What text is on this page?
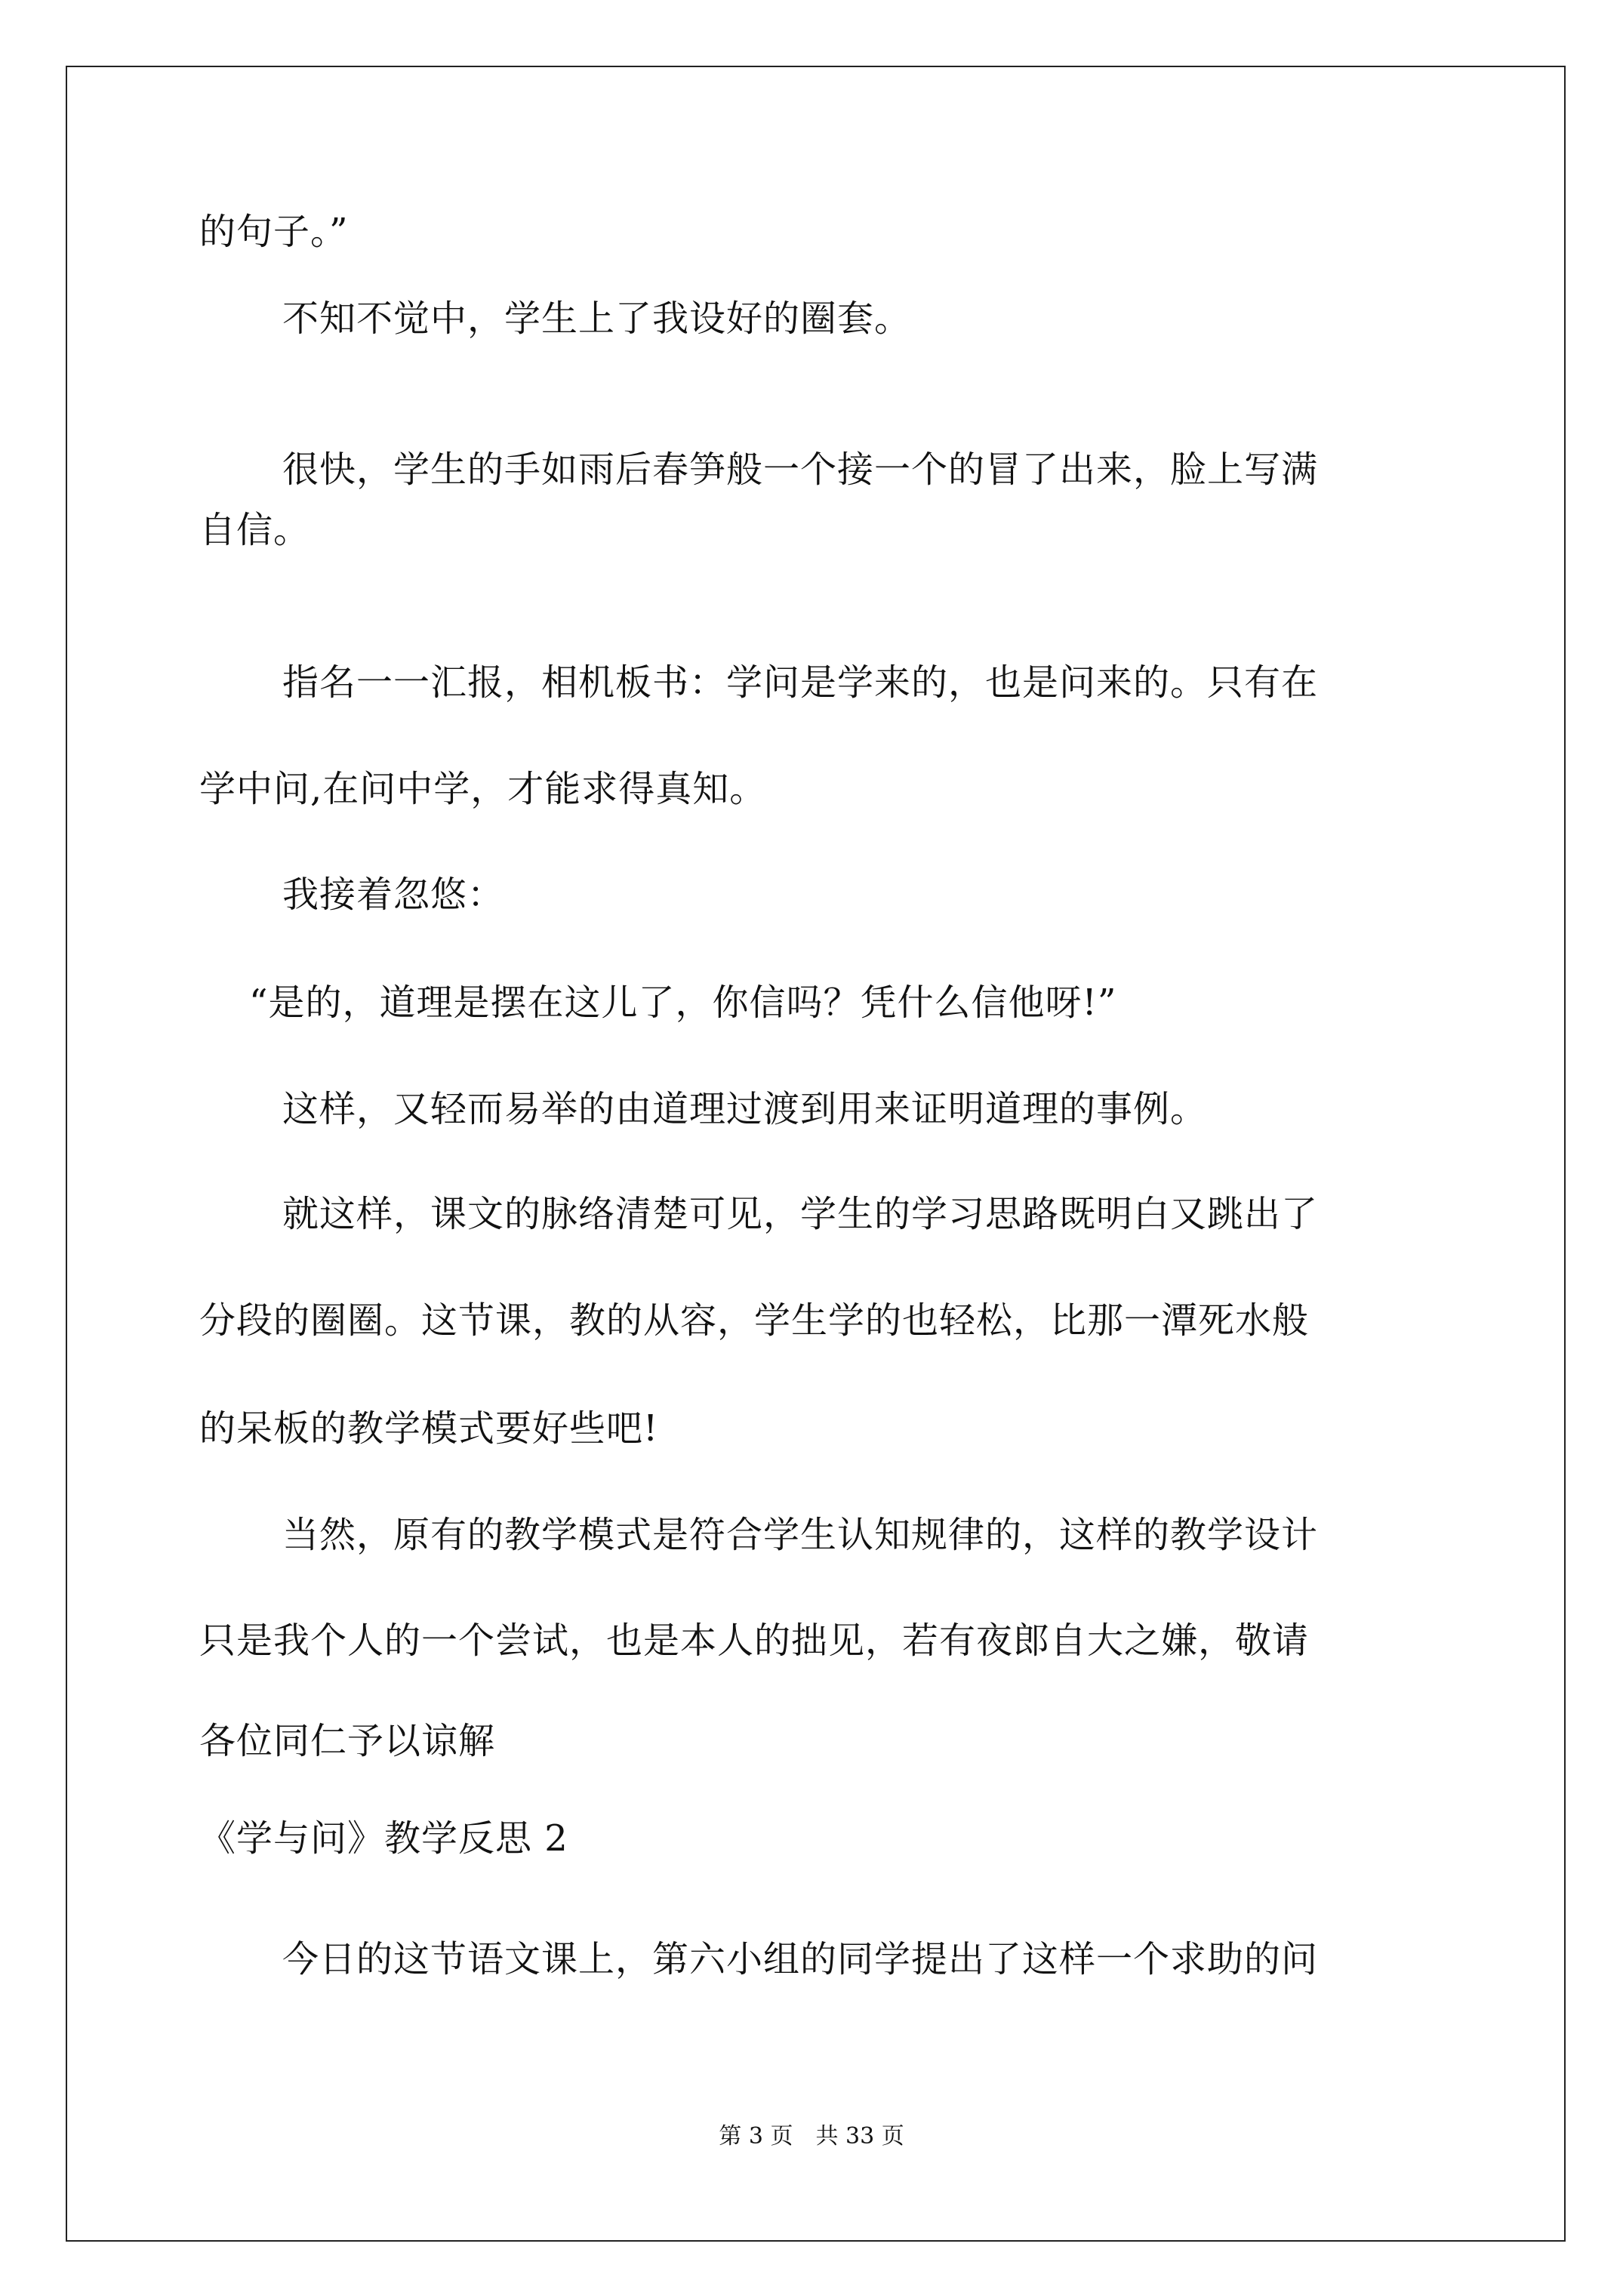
的句子。”
不知不觉中，学生上了我设好的圈套。
很快，学生的手如雨后春笋般一个接一个的冒了出来，脸上写满
自信。
指名一一汇报，相机板书：学问是学来的，也是问来的。只有在
学中问,在问中学，才能求得真知。
我接着忽悠：
“是的，道理是摆在这儿了，你信吗？凭什么信他呀!”
这样，又轻而易举的由道理过渡到用来证明道理的事例。
就这样，课文的脉络清楚可见，学生的学习思路既明白又跳出了
分段的圈圈。这节课，教的从容，学生学的也轻松，比那一潭死水般
的呆板的教学模式要好些吧!
当然，原有的教学模式是符合学生认知规律的，这样的教学设计
只是我个人的一个尝试，也是本人的拙见，若有夜郎自大之嫌，敬请
各位同仁予以谅解
《学与问》教学反思 2
今日的这节语文课上，第六小组的同学提出了这样一个求助的问
第 3 页　共 33 页
